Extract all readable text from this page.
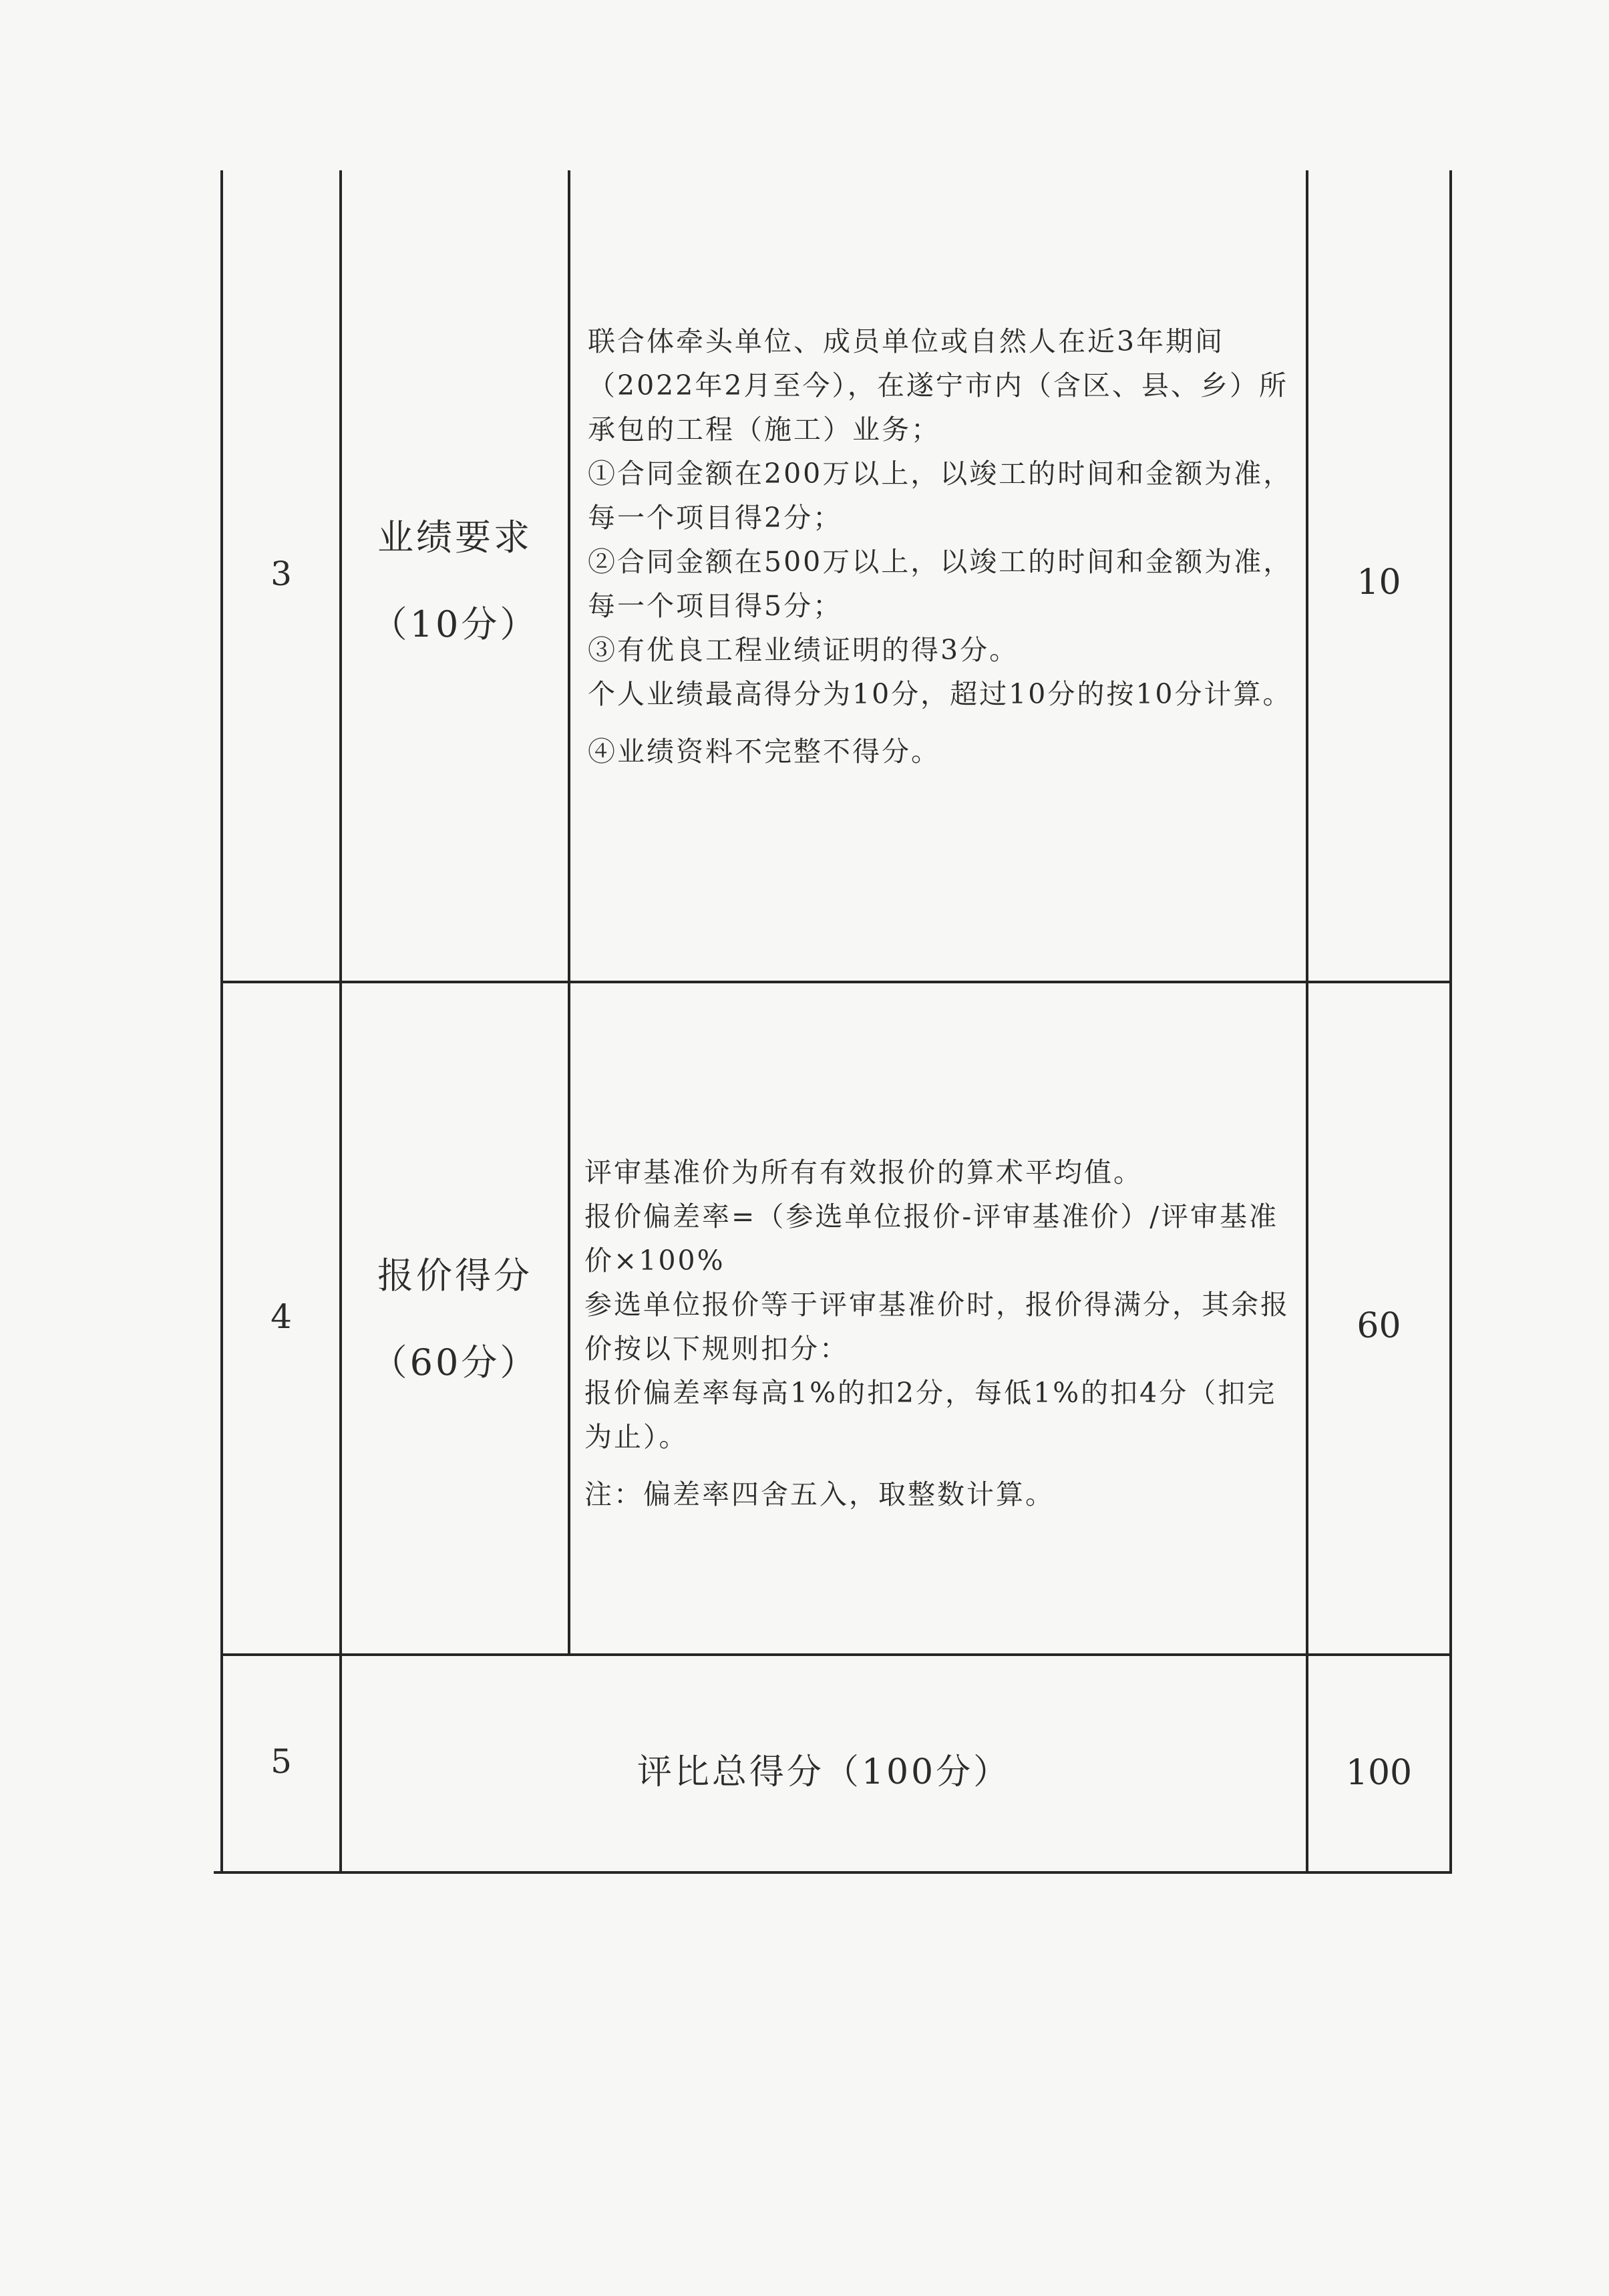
3
业绩要求
（10分）

联合体牵头单位、成员单位或自然人在近3年期间（2022年2月至今），在遂宁市内（含区、县、乡）所承包的工程（施工）业务；

①合同金额在200万以上，以竣工的时间和金额为准，每一个项目得2分；

②合同金额在500万以上，以竣工的时间和金额为准，每一个项目得5分；

③有优良工程业绩证明的得3分。

个人业绩最高得分为10分，超过10分的按10分计算。

④业绩资料不完整不得分。

10
4
报价得分
（60分）

评审基准价为所有有效报价的算术平均值。

报价偏差率=（参选单位报价-评审基准价）/评审基准价×100%

参选单位报价等于评审基准价时，报价得满分，其余报价按以下规则扣分：

报价偏差率每高1%的扣2分，每低1%的扣4分（扣完为止）。

注：偏差率四舍五入，取整数计算。

60
5	评比总得分（100分）	100
